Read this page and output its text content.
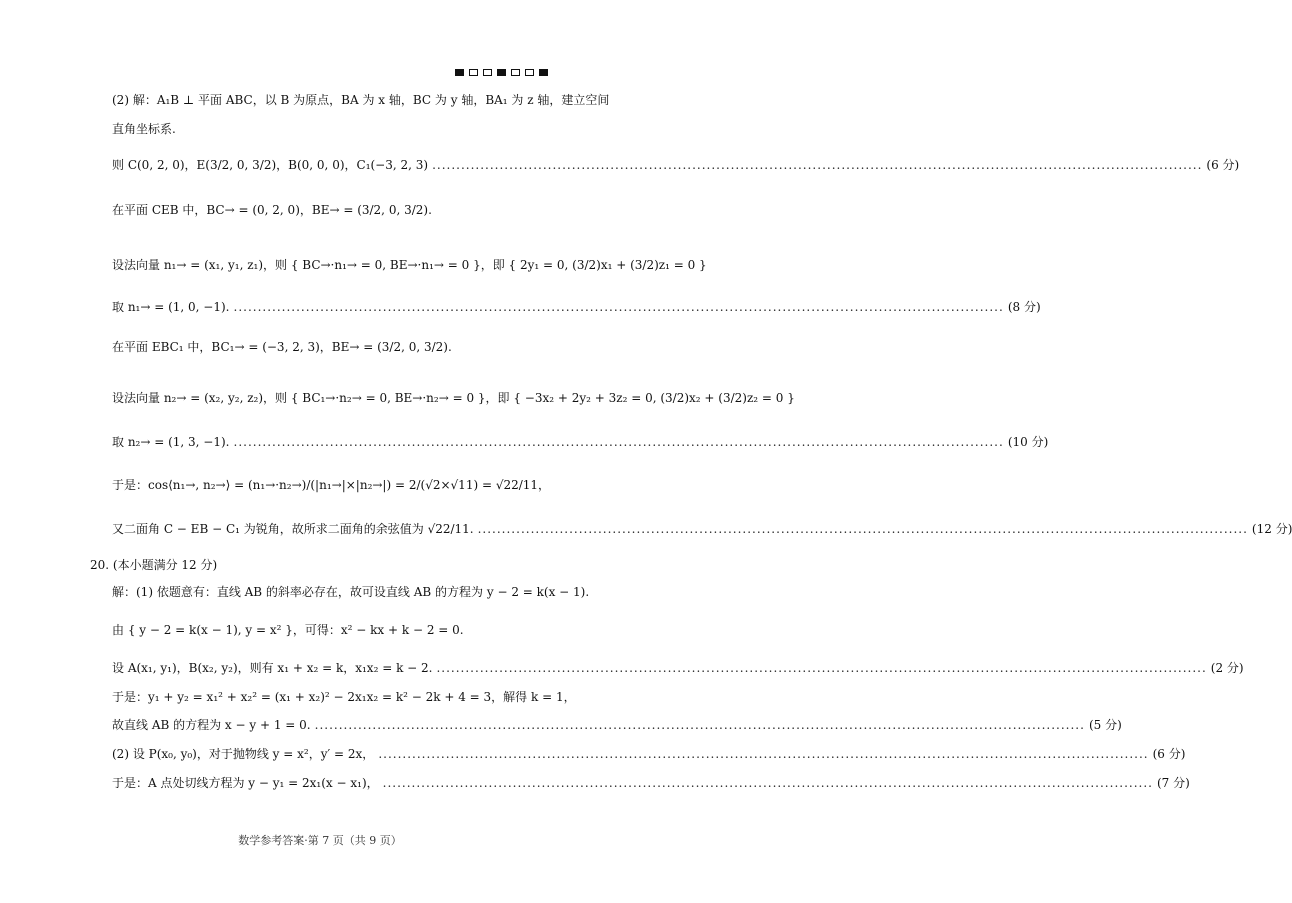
(2) 解：A₁B ⊥ 平面 ABC，以 B 为原点，BA 为 x 轴，BC 为 y 轴，BA₁ 为 z 轴，建立空间
直角坐标系.
则 C(0, 2, 0)，E(3/2, 0, 3/2)，B(0, 0, 0)，C₁(−3, 2, 3) .....	(6 分)
在平面 CEB 中，BC→ = (0, 2, 0)，BE→ = (3/2, 0, 3/2).
设法向量 n₁→ = (x₁, y₁, z₁)，则 { BC→·n₁→ = 0, BE→·n₁→ = 0 }，即 { 2y₁ = 0, (3/2)x₁ + (3/2)z₁ = 0 }
取 n₁→ = (1, 0, −1). .....	(8 分)
在平面 EBC₁ 中，BC₁→ = (−3, 2, 3)，BE→ = (3/2, 0, 3/2).
设法向量 n₂→ = (x₂, y₂, z₂)，则 { BC₁→·n₂→ = 0, BE→·n₂→ = 0 }，即 { −3x₂ + 2y₂ + 3z₂ = 0, (3/2)x₂ + (3/2)z₂ = 0 }
取 n₂→ = (1, 3, −1). .....	(10 分)
于是：cos⟨n₁→, n₂→⟩ = (n₁→·n₂→)/(|n₁→|×|n₂→|) = 2/(√2×√11) = √22/11，
又二面角 C − EB − C₁ 为锐角，故所求二面角的余弦值为 √22/11. .....	(12 分)
20. (本小题满分 12 分)
解：(1) 依题意有：直线 AB 的斜率必存在，故可设直线 AB 的方程为 y − 2 = k(x − 1).
由 { y − 2 = k(x − 1), y = x² }，可得：x² − kx + k − 2 = 0.
设 A(x₁, y₁)，B(x₂, y₂)，则有 x₁ + x₂ = k，x₁x₂ = k − 2. .....	(2 分)
于是：y₁ + y₂ = x₁² + x₂² = (x₁ + x₂)² − 2x₁x₂ = k² − 2k + 4 = 3，解得 k = 1，
故直线 AB 的方程为 x − y + 1 = 0. .....	(5 分)
(2) 设 P(x₀, y₀)，对于抛物线 y = x²，y′ = 2x， .....	(6 分)
于是：A 点处切线方程为 y − y₁ = 2x₁(x − x₁)， .....	(7 分)
数学参考答案·第 7 页（共 9 页）
